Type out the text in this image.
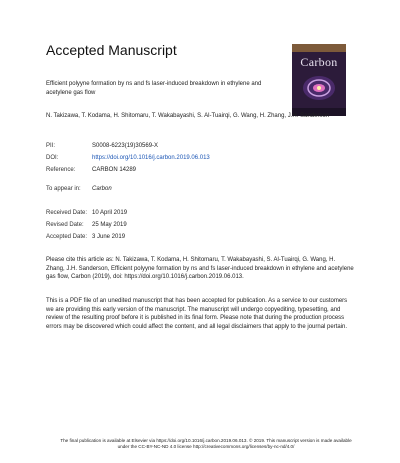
Accepted Manuscript
Carbon
Efficient polyyne formation by ns and fs laser-induced breakdown in ethylene and acetylene gas flow
N. Takizawa, T. Kodama, H. Shitomaru, T. Wakabayashi, S. Al-Tuairqi, G. Wang, H. Zhang, J.H. Sanderson
PII:	S0008-6223(19)30569-X
DOI:	https://doi.org/10.1016/j.carbon.2019.06.013
Reference:	CARBON 14289
To appear in: Carbon
Received Date: 10 April 2019
Revised Date: 25 May 2019
Accepted Date: 3 June 2019
Please cite this article as: N. Takizawa, T. Kodama, H. Shitomaru, T. Wakabayashi, S. Al-Tuairqi, G. Wang, H. Zhang, J.H. Sanderson, Efficient polyyne formation by ns and fs laser-induced breakdown in ethylene and acetylene gas flow, Carbon (2019), doi: https://doi.org/10.1016/j.carbon.2019.06.013.
This is a PDF file of an unedited manuscript that has been accepted for publication. As a service to our customers we are providing this early version of the manuscript. The manuscript will undergo copyediting, typesetting, and review of the resulting proof before it is published in its final form. Please note that during the production process errors may be discovered which could affect the content, and all legal disclaimers that apply to the journal pertain.
The final publication is available at Elsevier via https://doi.org/10.1016/j.carbon.2019.06.013. © 2019. This manuscript version is made available under the CC-BY-NC-ND 4.0 license http://creativecommons.org/licenses/by-nc-nd/4.0/
